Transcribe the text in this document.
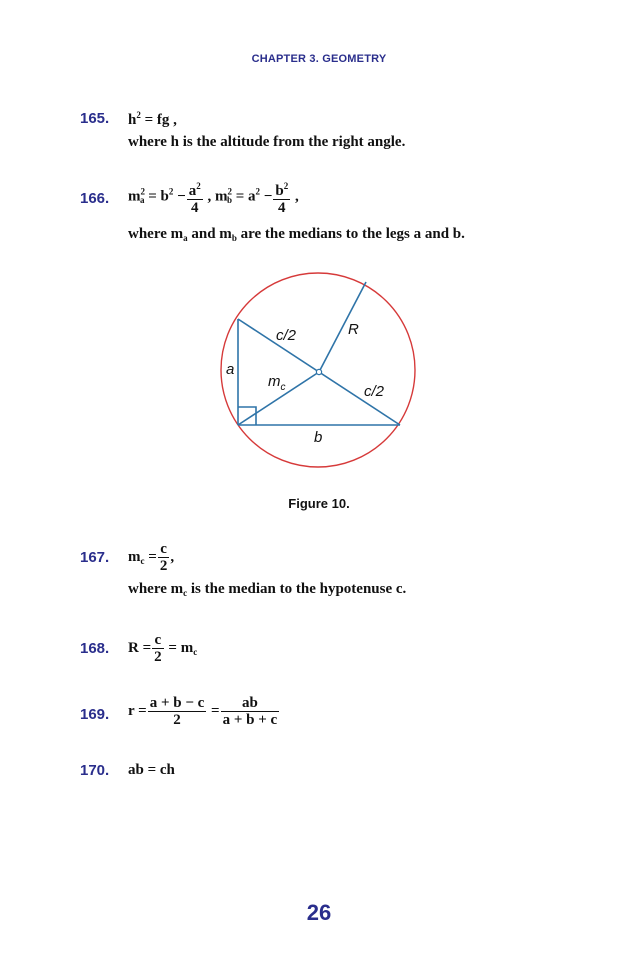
CHAPTER 3. GEOMETRY
165. $h^2$ = fg ,
where h is the altitude from the right angle.
166. $m^2_a = b^2 - \frac{a^2}{4}$ , $m^2_b = a^2 - \frac{b^2}{4}$ ,
where $m_a$ and $m_b$ are the medians to the legs a and b.
c/2	R
a
$m_c$	c/2
b
Figure 10.
167. $m_c = \frac{c}{2}$ ,
where $m_c$ is the median to the hypotenuse c.
168. $R = \frac{c}{2} = m_c$
169. $r = \frac{a + b - c}{2} = \frac{ab}{a + b + c}$
170. ab = ch
26
